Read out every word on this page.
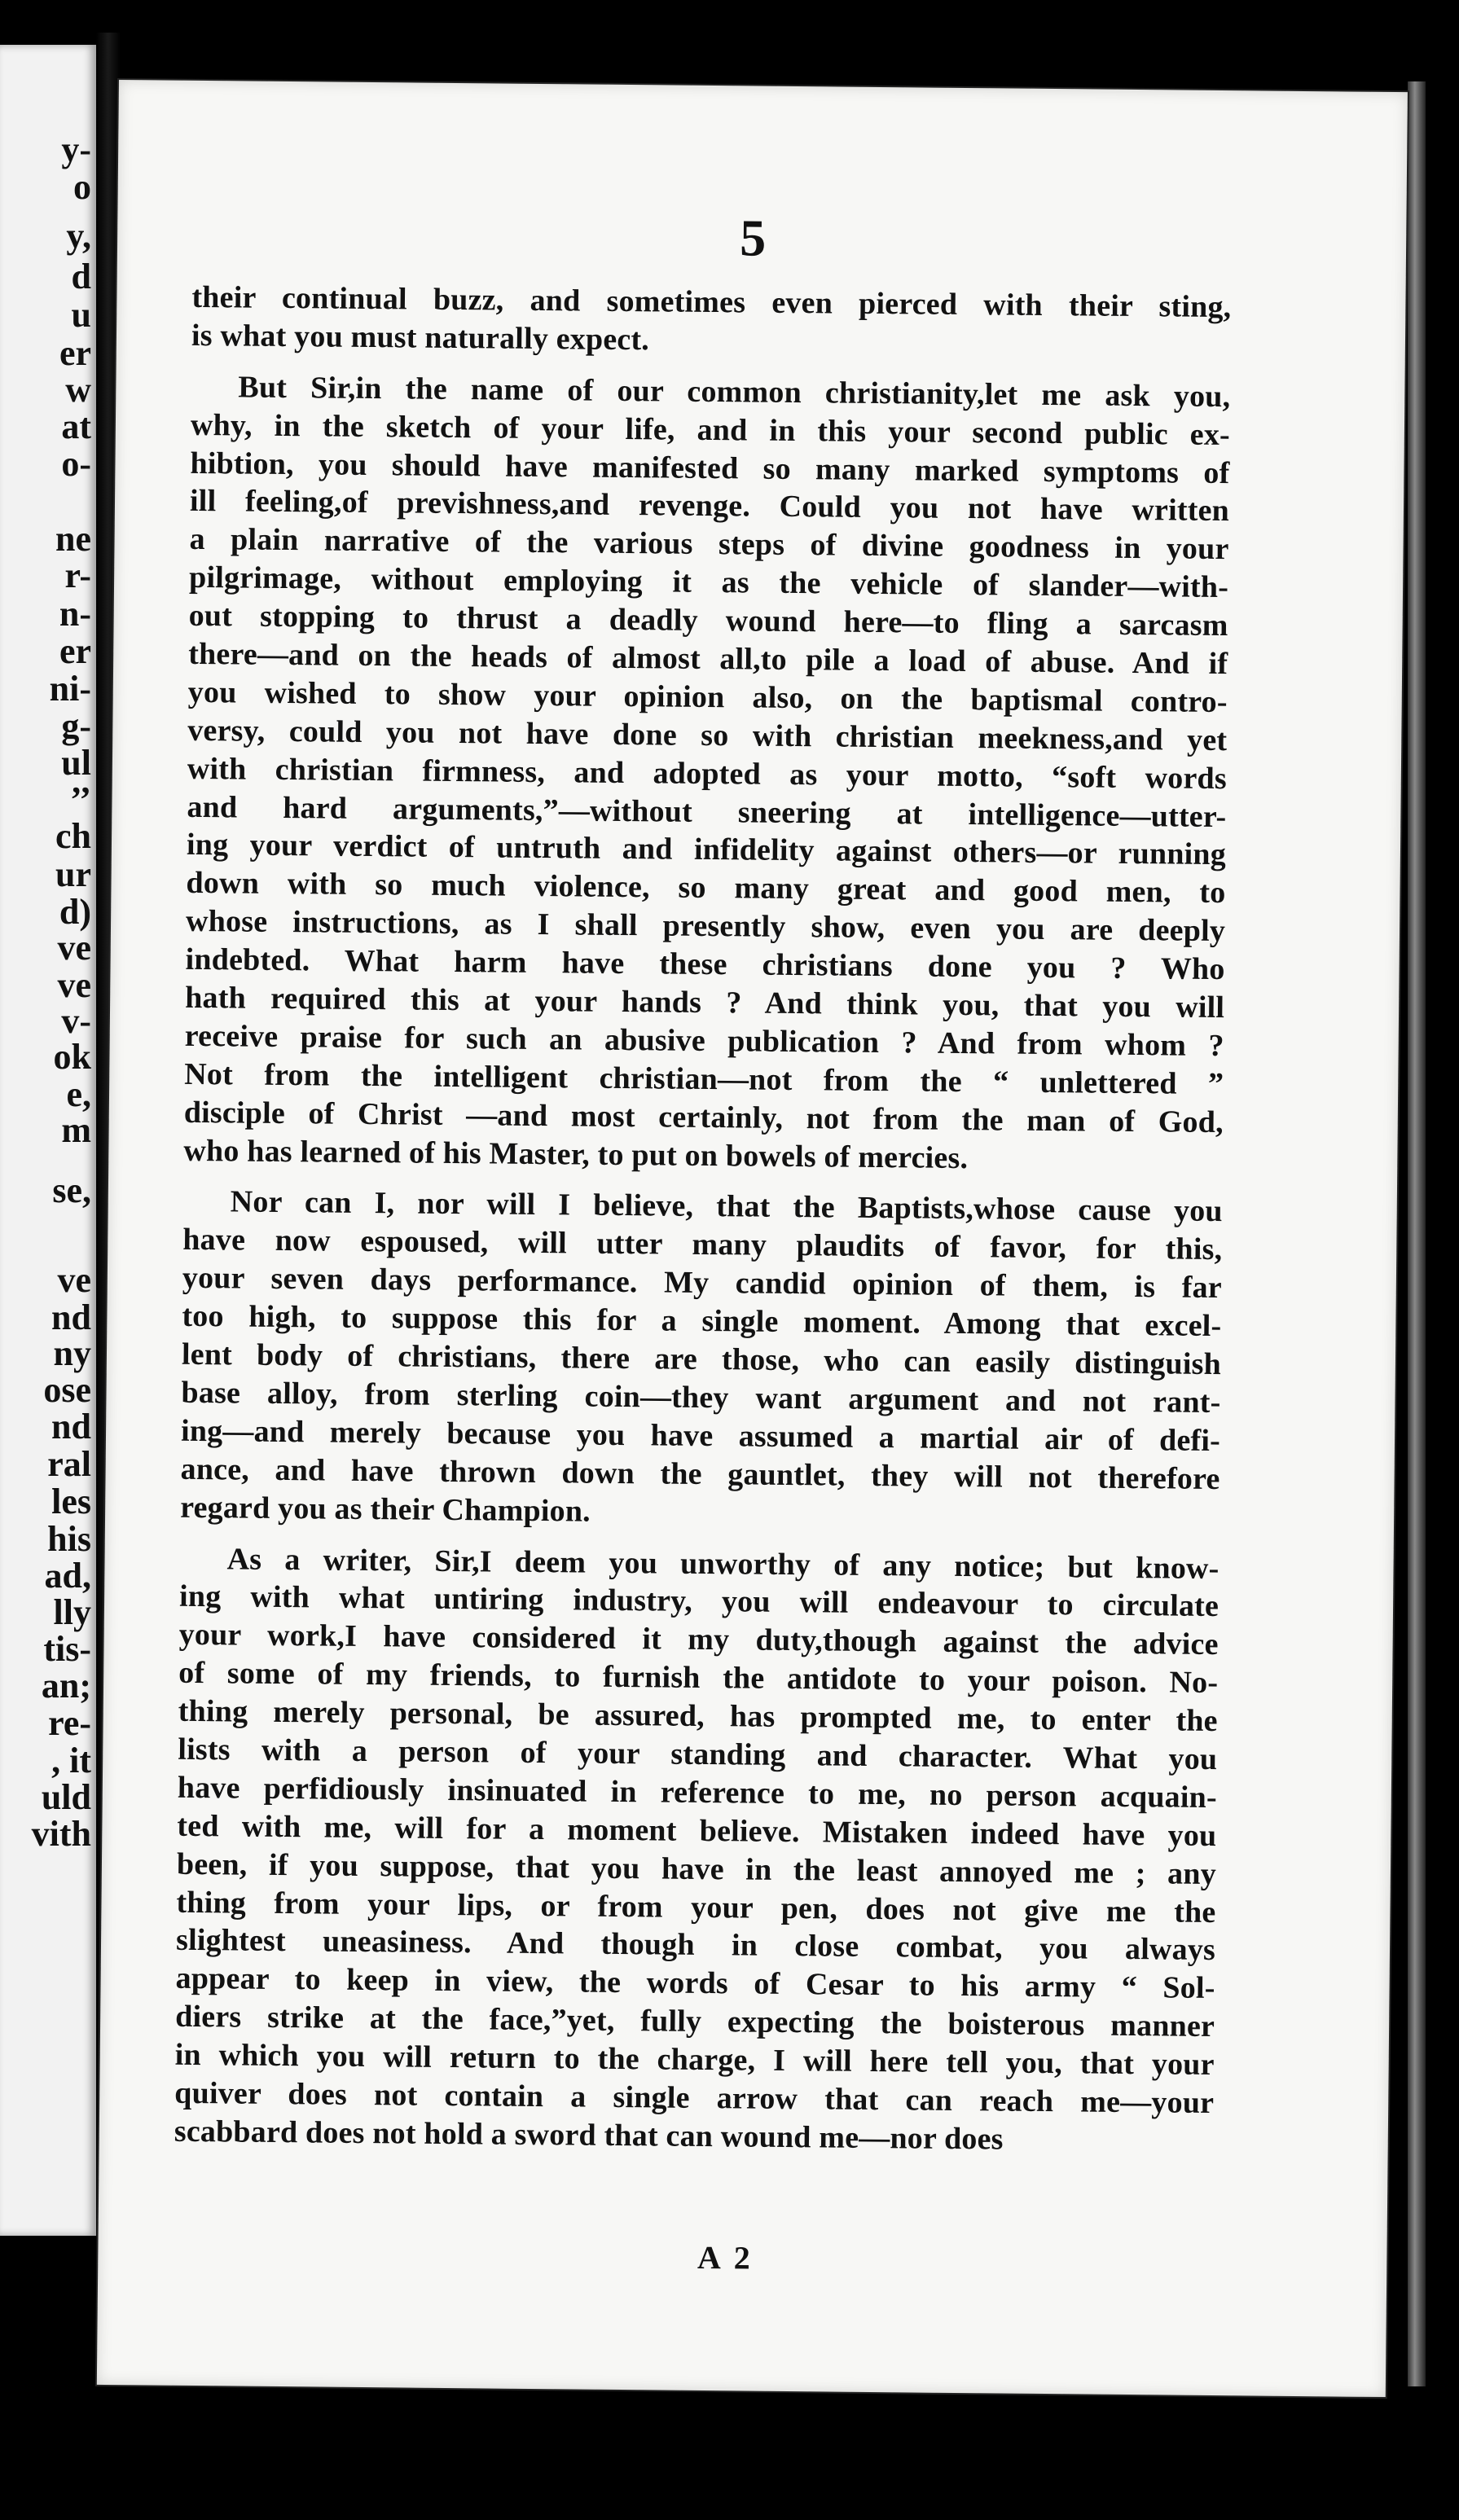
y-
o
y,
d
u
er
w
at
o-
ne
r-
n-
er
ni-
g-
ul
’’
ch
ur
d)
ve
ve
v-
ok
e,
m
se,
ve
nd
ny
ose
nd
ral
les
his
ad,
lly
tis-
an;
re-
, it
uld
vith
5
their continual buzz, and sometimes even pierced with their sting,
is what you must naturally expect.
But Sir,in the name of our common christianity,let me ask you,
why, in the sketch of your life, and in this your second public ex-
hibtion, you should have manifested so many marked symptoms of
ill feeling,of previshness,and revenge. Could you not have written
a plain narrative of the various steps of divine goodness in your
pilgrimage, without employing it as the vehicle of slander—with-
out stopping to thrust a deadly wound here—to fling a sarcasm
there—and on the heads of almost all,to pile a load of abuse. And if
you wished to show your opinion also, on the baptismal contro-
versy, could you not have done so with christian meekness,and yet
with christian firmness, and adopted as your motto, “soft words
and hard arguments,”—without sneering at intelligence—utter-
ing your verdict of untruth and infidelity against others—or running
down with so much violence, so many great and good men, to
whose instructions, as I shall presently show, even you are deeply
indebted. What harm have these christians done you ? Who
hath required this at your hands ? And think you, that you will
receive praise for such an abusive publication ? And from whom ?
Not from the intelligent christian—not from the “ unlettered ”
disciple of Christ —and most certainly, not from the man of God,
who has learned of his Master, to put on bowels of mercies.
Nor can I, nor will I believe, that the Baptists,whose cause you
have now espoused, will utter many plaudits of favor, for this,
your seven days performance. My candid opinion of them, is far
too high, to suppose this for a single moment. Among that excel-
lent body of christians, there are those, who can easily distinguish
base alloy, from sterling coin—they want argument and not rant-
ing—and merely because you have assumed a martial air of defi-
ance, and have thrown down the gauntlet, they will not therefore
regard you as their Champion.
As a writer, Sir,I deem you unworthy of any notice; but know-
ing with what untiring industry, you will endeavour to circulate
your work,I have considered it my duty,though against the advice
of some of my friends, to furnish the antidote to your poison. No-
thing merely personal, be assured, has prompted me, to enter the
lists with a person of your standing and character. What you
have perfidiously insinuated in reference to me, no person acquain-
ted with me, will for a moment believe. Mistaken indeed have you
been, if you suppose, that you have in the least annoyed me ; any
thing from your lips, or from your pen, does not give me the
slightest uneasiness. And though in close combat, you always
appear to keep in view, the words of Cesar to his army “ Sol-
diers strike at the face,”yet, fully expecting the boisterous manner
in which you will return to the charge, I will here tell you, that your
quiver does not contain a single arrow that can reach me—your
scabbard does not hold a sword that can wound me—nor does
A 2
